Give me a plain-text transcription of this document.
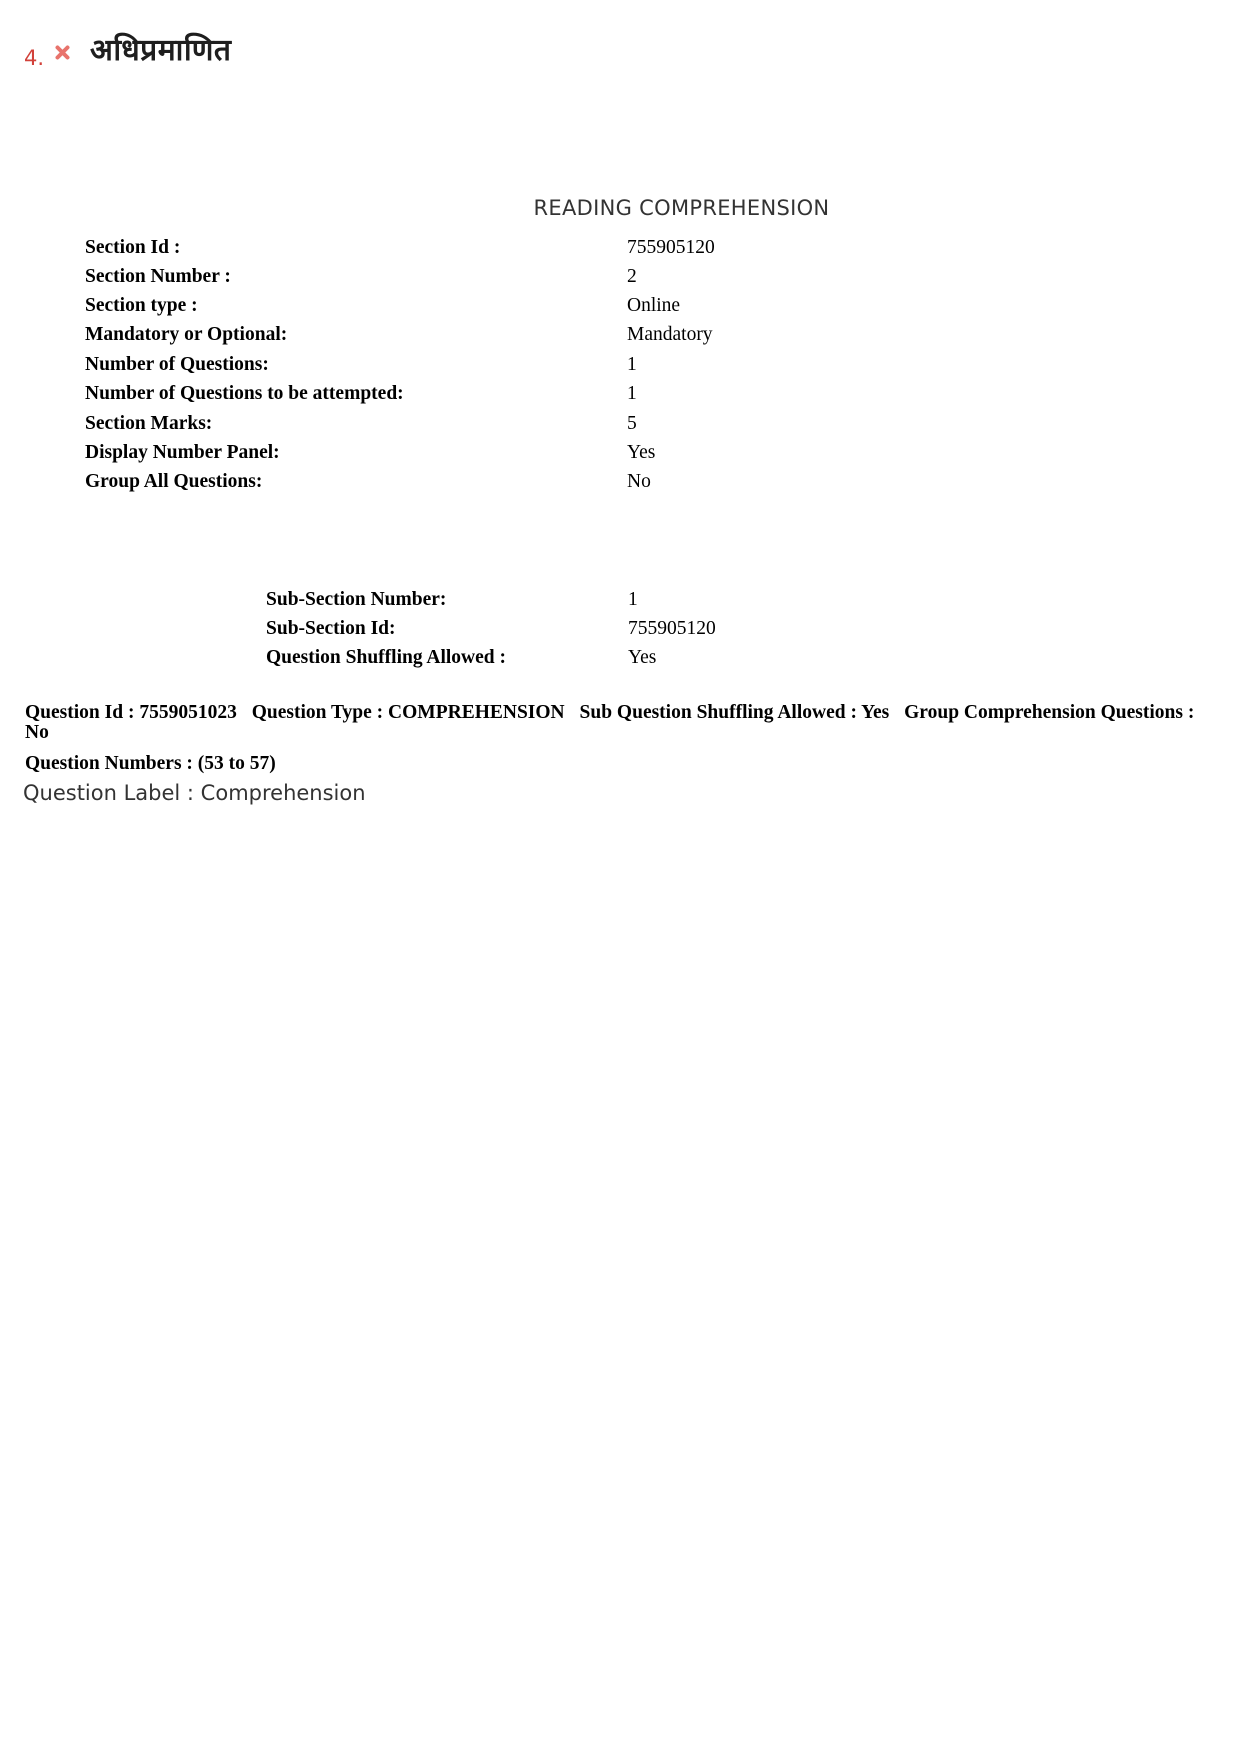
4. अधिप्रमाणित
READING COMPREHENSION
Section Id :	755905120
Section Number :	2
Section type :	Online
Mandatory or Optional:	Mandatory
Number of Questions:	1
Number of Questions to be attempted:	1
Section Marks:	5
Display Number Panel:	Yes
Group All Questions:	No
Sub-Section Number:	1
Sub-Section Id:	755905120
Question Shuffling Allowed :	Yes
Question Id : 7559051023 Question Type : COMPREHENSION Sub Question Shuffling Allowed : Yes Group Comprehension Questions : No
Question Numbers : (53 to 57)
Question Label : Comprehension
